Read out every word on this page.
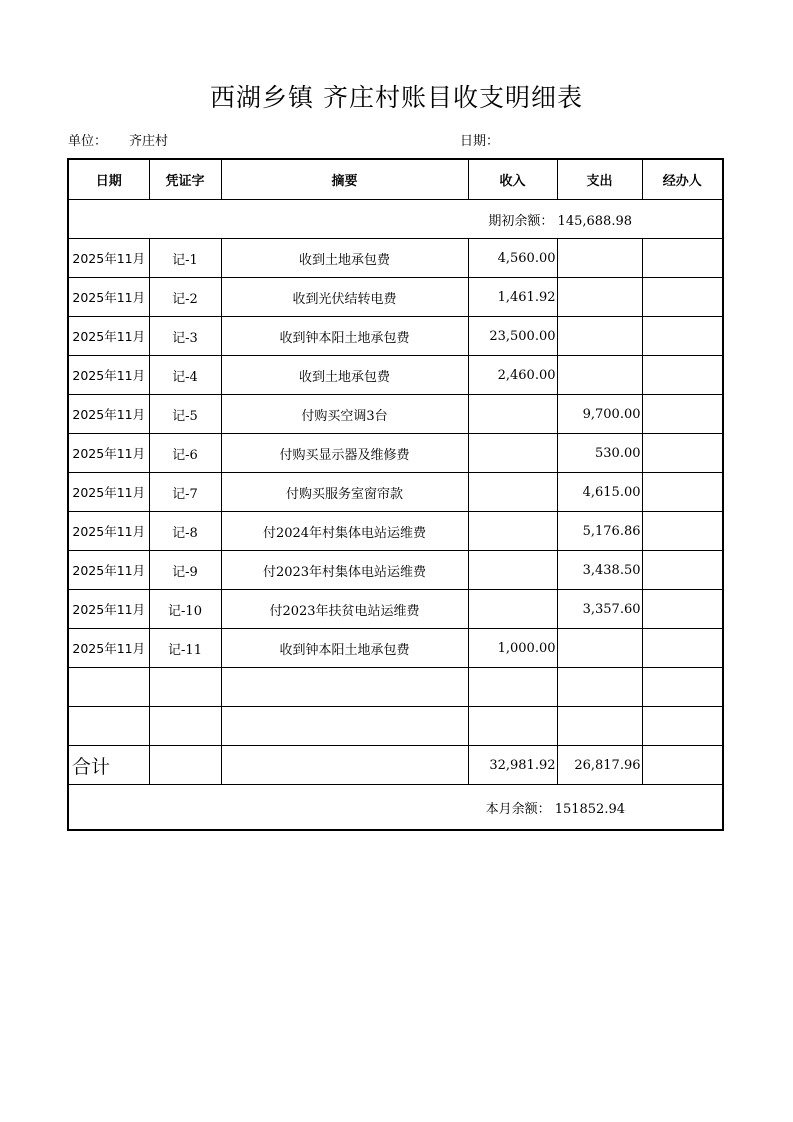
西湖乡镇 齐庄村账目收支明细表
单位： 齐庄村	日期：
日期	凭证字	摘要	收入	支出	经办人
期初余额： 145,688.98					
2025年11月	记-1	收到土地承包费	4,560.00		
2025年11月	记-2	收到光伏结转电费	1,461.92		
2025年11月	记-3	收到钟本阳土地承包费	23,500.00		
2025年11月	记-4	收到土地承包费	2,460.00		
2025年11月	记-5	付购买空调3台		9,700.00	
2025年11月	记-6	付购买显示器及维修费		530.00	
2025年11月	记-7	付购买服务室窗帘款		4,615.00	
2025年11月	记-8	付2024年村集体电站运维费		5,176.86	
2025年11月	记-9	付2023年村集体电站运维费		3,438.50	
2025年11月	记-10	付2023年扶贫电站运维费		3,357.60	
2025年11月	记-11	收到钟本阳土地承包费	1,000.00		

合计			32,981.92	26,817.96	
本月余额： 151852.94					
